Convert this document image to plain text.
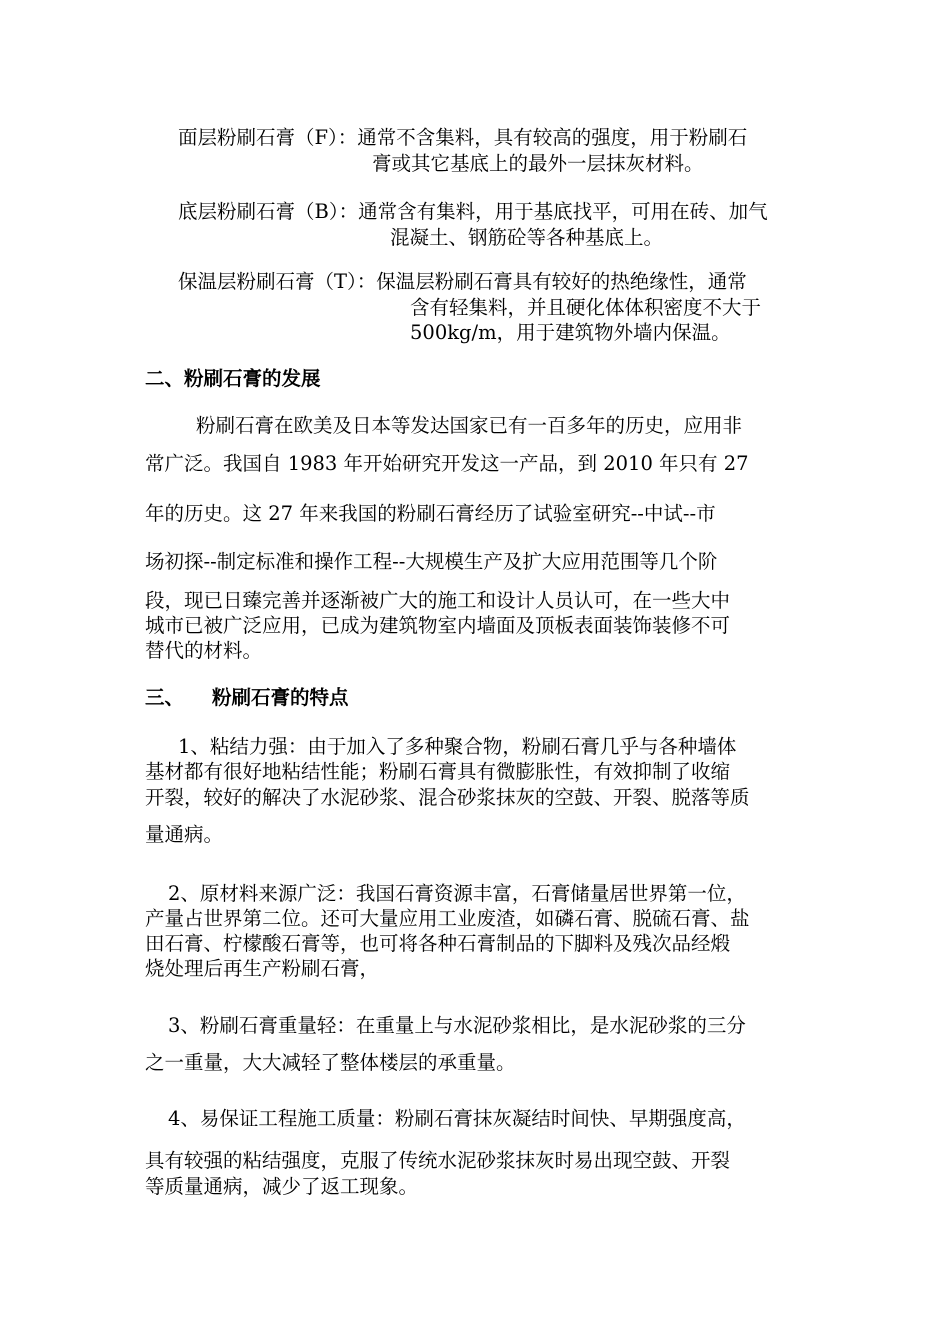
面层粉刷石膏（F）：通常不含集料，具有较高的强度，用于粉刷石
膏或其它基底上的最外一层抹灰材料。
底层粉刷石膏（B）：通常含有集料，用于基底找平，可用在砖、加气
混凝土、钢筋砼等各种基底上。
保温层粉刷石膏（T）：保温层粉刷石膏具有较好的热绝缘性，通常
含有轻集料，并且硬化体体积密度不大于
500kg/m，用于建筑物外墙内保温。
二、粉刷石膏的发展
粉刷石膏在欧美及日本等发达国家已有一百多年的历史，应用非
常广泛。我国自 1983 年开始研究开发这一产品，到 2010 年只有 27
年的历史。这 27 年来我国的粉刷石膏经历了试验室研究--中试--市
场初探--制定标准和操作工程--大规模生产及扩大应用范围等几个阶
段，现已日臻完善并逐渐被广大的施工和设计人员认可，在一些大中
城市已被广泛应用，已成为建筑物室内墙面及顶板表面装饰装修不可
替代的材料。
三、 粉刷石膏的特点
1、粘结力强：由于加入了多种聚合物，粉刷石膏几乎与各种墙体
基材都有很好地粘结性能；粉刷石膏具有微膨胀性，有效抑制了收缩
开裂，较好的解决了水泥砂浆、混合砂浆抹灰的空鼓、开裂、脱落等质
量通病。
2、原材料来源广泛：我国石膏资源丰富，石膏储量居世界第一位，
产量占世界第二位。还可大量应用工业废渣，如磷石膏、脱硫石膏、盐
田石膏、柠檬酸石膏等，也可将各种石膏制品的下脚料及残次品经煅
烧处理后再生产粉刷石膏，
3、粉刷石膏重量轻：在重量上与水泥砂浆相比，是水泥砂浆的三分
之一重量，大大减轻了整体楼层的承重量。
4、易保证工程施工质量：粉刷石膏抹灰凝结时间快、早期强度高，
具有较强的粘结强度，克服了传统水泥砂浆抹灰时易出现空鼓、开裂
等质量通病，减少了返工现象。
